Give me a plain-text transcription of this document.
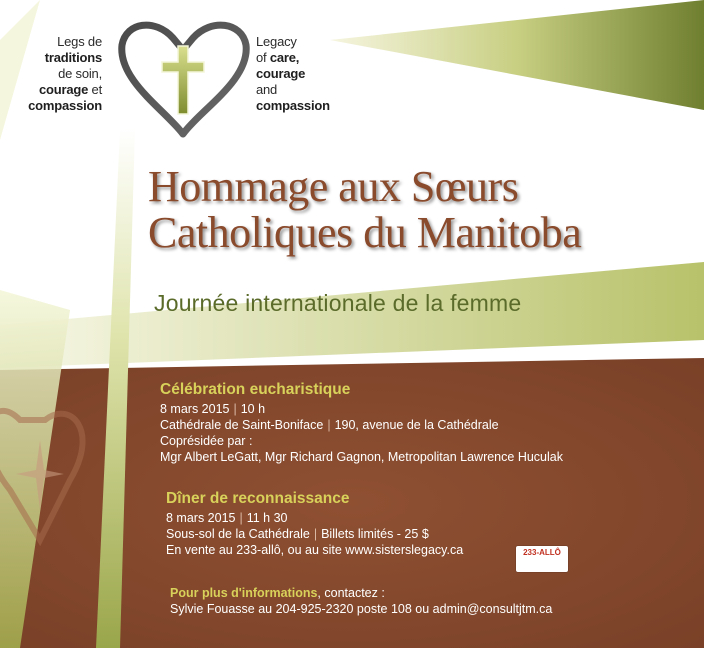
Legs de
traditions
de soin,
courage et
compassion
Legacy
of care,
courage
and
compassion
Hommage aux Sœurs
Catholiques du Manitoba
Journée internationale de la femme
Célébration eucharistique
8 mars 2015 | 10 h
Cathédrale de Saint-Boniface | 190, avenue de la Cathédrale
Coprésidée par :
Mgr Albert LeGatt, Mgr Richard Gagnon, Metropolitan Lawrence Huculak
Dîner de reconnaissance
8 mars 2015 | 11 h 30
Sous-sol de la Cathédrale | Billets limités - 25 $
En vente au 233-allô, ou au site www.sisterslegacy.ca	233-ALLÔ
Pour plus d'informations, contactez :
Sylvie Fouasse au 204-925-2320 poste 108 ou admin@consultjtm.ca
